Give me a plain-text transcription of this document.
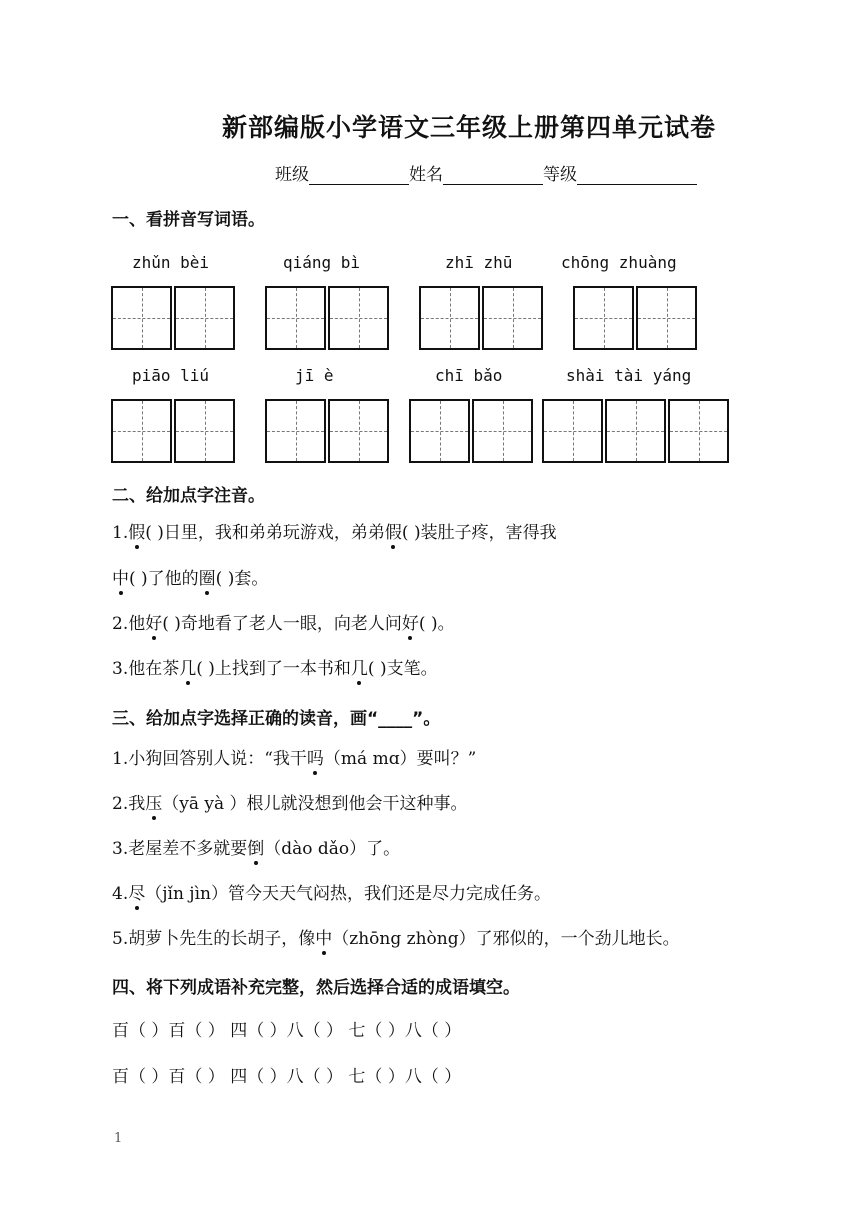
新部编版小学语文三年级上册第四单元试卷
班级	姓名	等级
一、看拼音写词语。
zhǔn bèi	qiáng bì	zhī zhū	chōng zhuàng
piāo liú	jī è	chī bǎo	shài tài yáng
二、给加点字注音。
1.假( )日里，我和弟弟玩游戏，弟弟假( )装肚子疼，害得我
中( )了他的圈( )套。
2.他好( )奇地看了老人一眼，向老人问好( )。
3.他在茶几( )上找到了一本书和几( )支笔。
三、给加点字选择正确的读音，画“____”。
1.小狗回答别人说：“我干吗（má mɑ）要叫？”
2.我压（yā yà ）根儿就没想到他会干这种事。
3.老屋差不多就要倒（dào dǎo）了。
4.尽（jǐn jìn）管今天天气闷热，我们还是尽力完成任务。
5.胡萝卜先生的长胡子，像中（zhōng zhòng）了邪似的，一个劲儿地长。
四、将下列成语补充完整，然后选择合适的成语填空。
百（ ）百（ ） 四（ ）八（ ） 七（ ）八（ ）
百（ ）百（ ） 四（ ）八（ ） 七（ ）八（ ）
1
